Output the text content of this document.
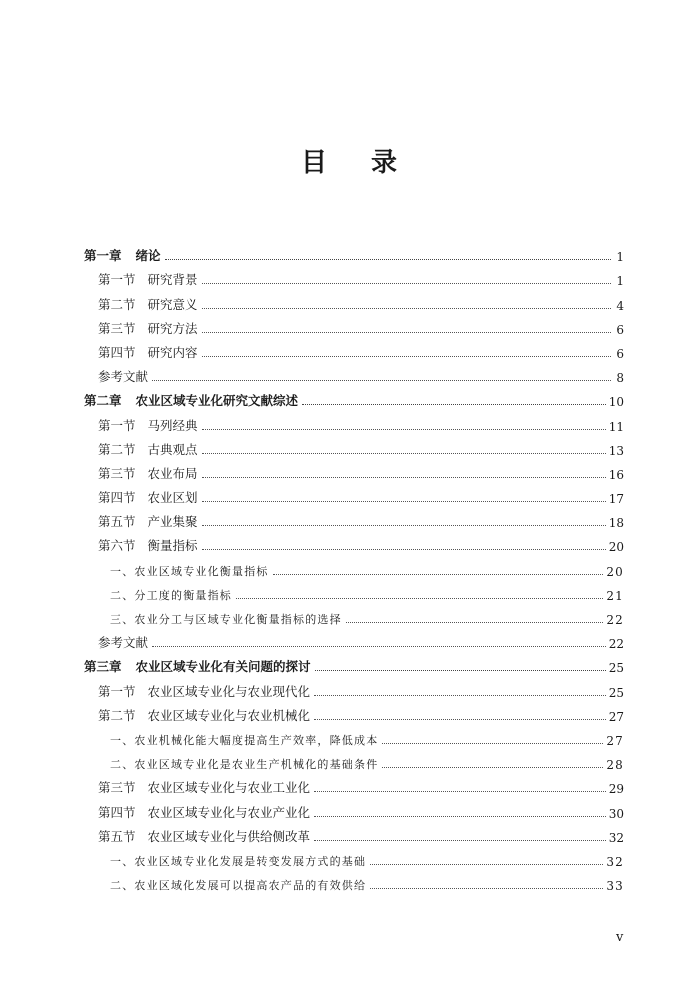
目 录
第一章 绪论	1
第一节 研究背景	1
第二节 研究意义	4
第三节 研究方法	6
第四节 研究内容	6
参考文献	8
第二章 农业区域专业化研究文献综述	10
第一节 马列经典	11
第二节 古典观点	13
第三节 农业布局	16
第四节 农业区划	17
第五节 产业集聚	18
第六节 衡量指标	20
一、农业区域专业化衡量指标	20
二、分工度的衡量指标	21
三、农业分工与区域专业化衡量指标的选择	22
参考文献	22
第三章 农业区域专业化有关问题的探讨	25
第一节 农业区域专业化与农业现代化	25
第二节 农业区域专业化与农业机械化	27
一、农业机械化能大幅度提高生产效率，降低成本	27
二、农业区域专业化是农业生产机械化的基础条件	28
第三节 农业区域专业化与农业工业化	29
第四节 农业区域专业化与农业产业化	30
第五节 农业区域专业化与供给侧改革	32
一、农业区域专业化发展是转变发展方式的基础	32
二、农业区域化发展可以提高农产品的有效供给	33
v
